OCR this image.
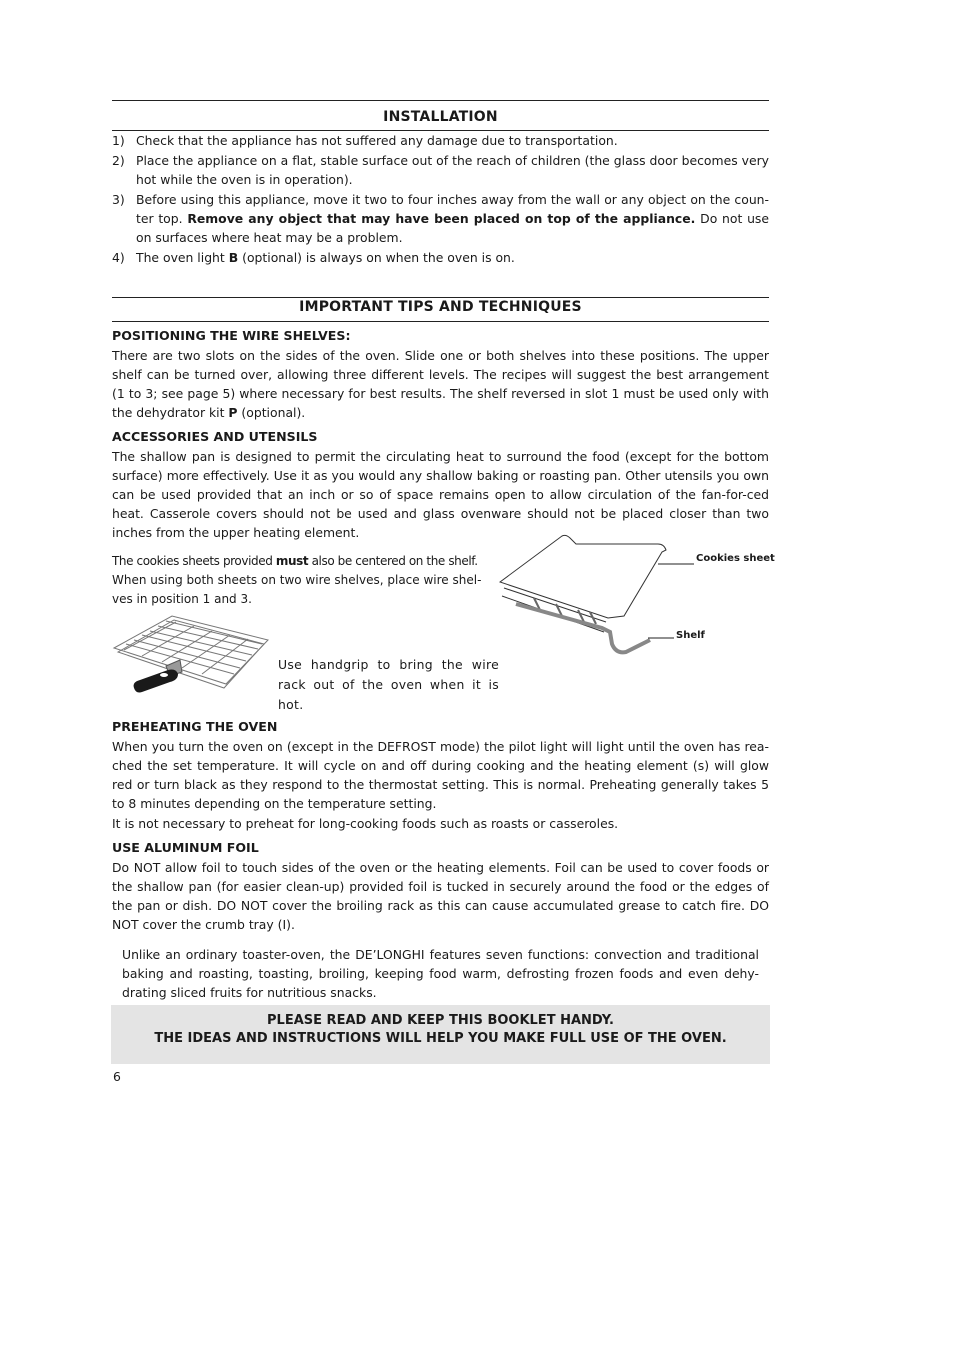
INSTALLATION
1) Check that the appliance has not suffered any damage due to transportation.
2) Place the appliance on a flat, stable surface out of the reach of children (the glass door becomes very hot while the oven is in operation).
3) Before using this appliance, move it two to four inches away from the wall or any object on the coun-ter top. Remove any object that may have been placed on top of the appliance. Do not use on surfaces where heat may be a problem.
4) The oven light B (optional) is always on when the oven is on.
IMPORTANT TIPS AND TECHNIQUES
POSITIONING THE WIRE SHELVES:
There are two slots on the sides of the oven. Slide one or both shelves into these positions. The upper shelf can be turned over, allowing three different levels. The recipes will suggest the best arrangement (1 to 3; see page 5) where necessary for best results. The shelf reversed in slot 1 must be used only with the dehydrator kit P (optional).
ACCESSORIES AND UTENSILS
The shallow pan is designed to permit the circulating heat to surround the food (except for the bottom surface) more effectively. Use it as you would any shallow baking or roasting pan. Other utensils you own can be used provided that an inch or so of space remains open to allow circulation of the fan-for-ced heat. Casserole covers should not be used and glass ovenware should not be placed closer than two inches from the upper heating element.
The cookies sheets provided must also be centered on the shelf.
When using both sheets on two wire shelves, place wire shel-ves in position 1 and 3.
Cookies sheet
Shelf
Use handgrip to bring the wire rack out of the oven when it is hot.
PREHEATING THE OVEN
When you turn the oven on (except in the DEFROST mode) the pilot light will light until the oven has rea-ched the set temperature. It will cycle on and off during cooking and the heating element (s) will glow red or turn black as they respond to the thermostat setting. This is normal. Preheating generally takes 5 to 8 minutes depending on the temperature setting.
It is not necessary to preheat for long-cooking foods such as roasts or casseroles.
USE ALUMINUM FOIL
Do NOT allow foil to touch sides of the oven or the heating elements. Foil can be used to cover foods or the shallow pan (for easier clean-up) provided foil is tucked in securely around the food or the edges of the pan or dish. DO NOT cover the broiling rack as this can cause accumulated grease to catch fire. DO NOT cover the crumb tray (I).
Unlike an ordinary toaster-oven, the DE’LONGHI features seven functions: convection and traditional baking and roasting, toasting, broiling, keeping food warm, defrosting frozen foods and even dehy-drating sliced fruits for nutritious snacks.
PLEASE READ AND KEEP THIS BOOKLET HANDY.
THE IDEAS AND INSTRUCTIONS WILL HELP YOU MAKE FULL USE OF THE OVEN.
6
